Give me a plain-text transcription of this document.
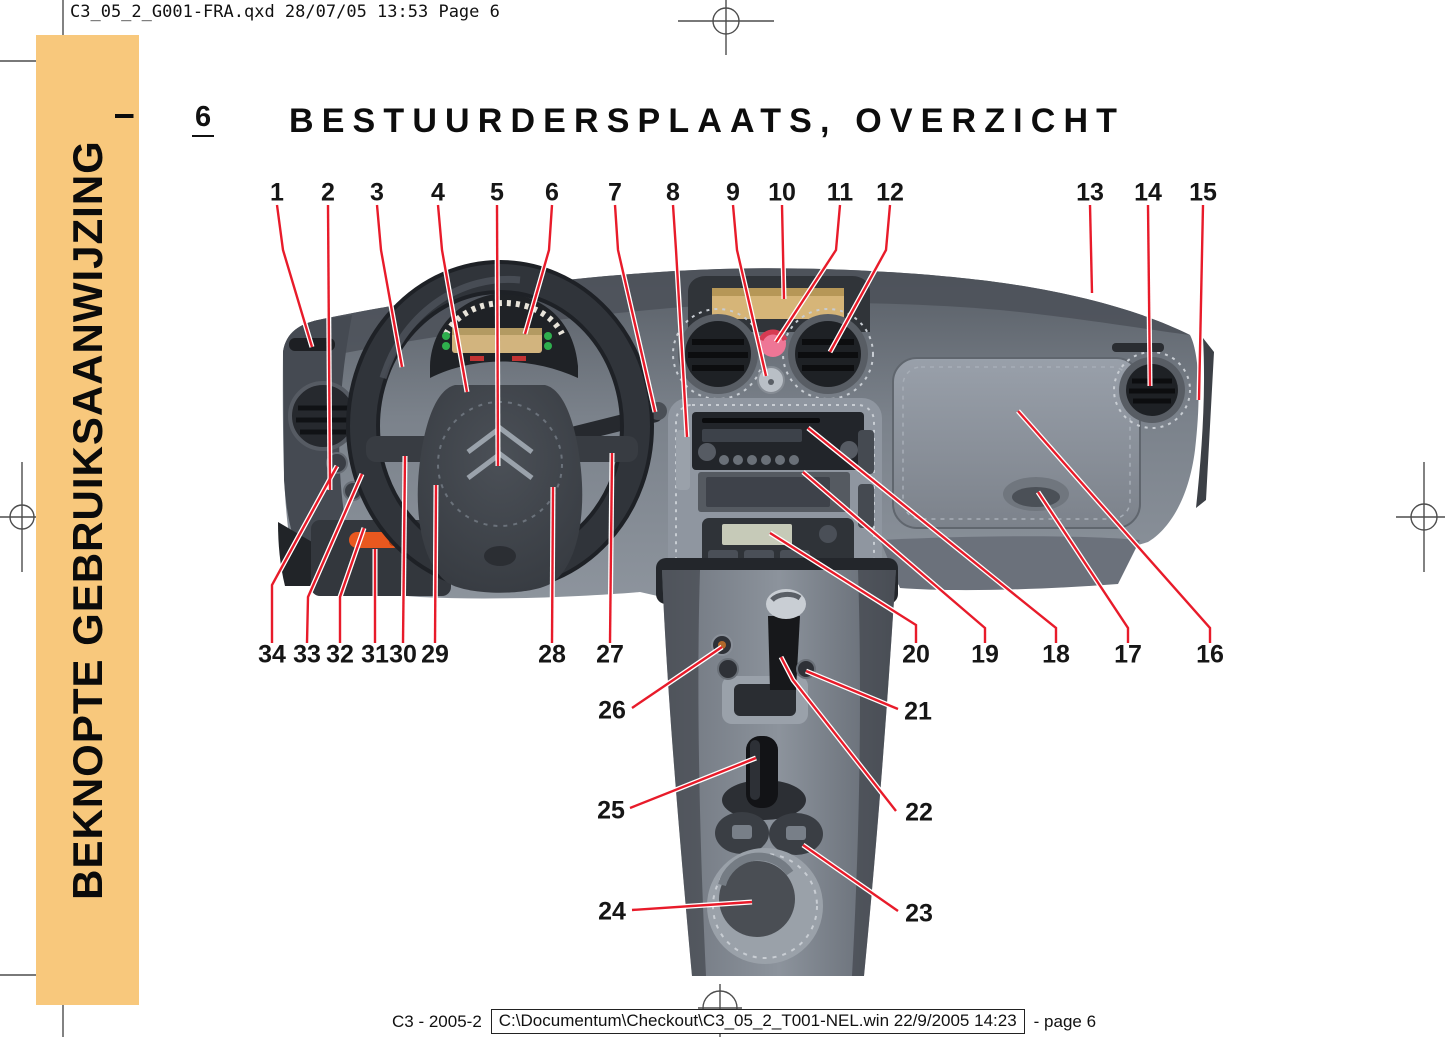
C3_05_2_G001-FRA.qxd 28/07/05 13:53 Page 6
BEKNOPTE GEBRUIKSAANWIJZING
I 6 BESTUURDERSPLAATS, OVERZICHT
1 2 3 4 5 6 7 8 9 10 11 12	13 14 15
16
17
18
19
20
21
22
23
24
25
26
27
28
29
30
31
32
33
34
C3 - 2005-2	C:\Documentum\Checkout\C3_05_2_T001-NEL.win 22/9/2005 14:23	- page 6
